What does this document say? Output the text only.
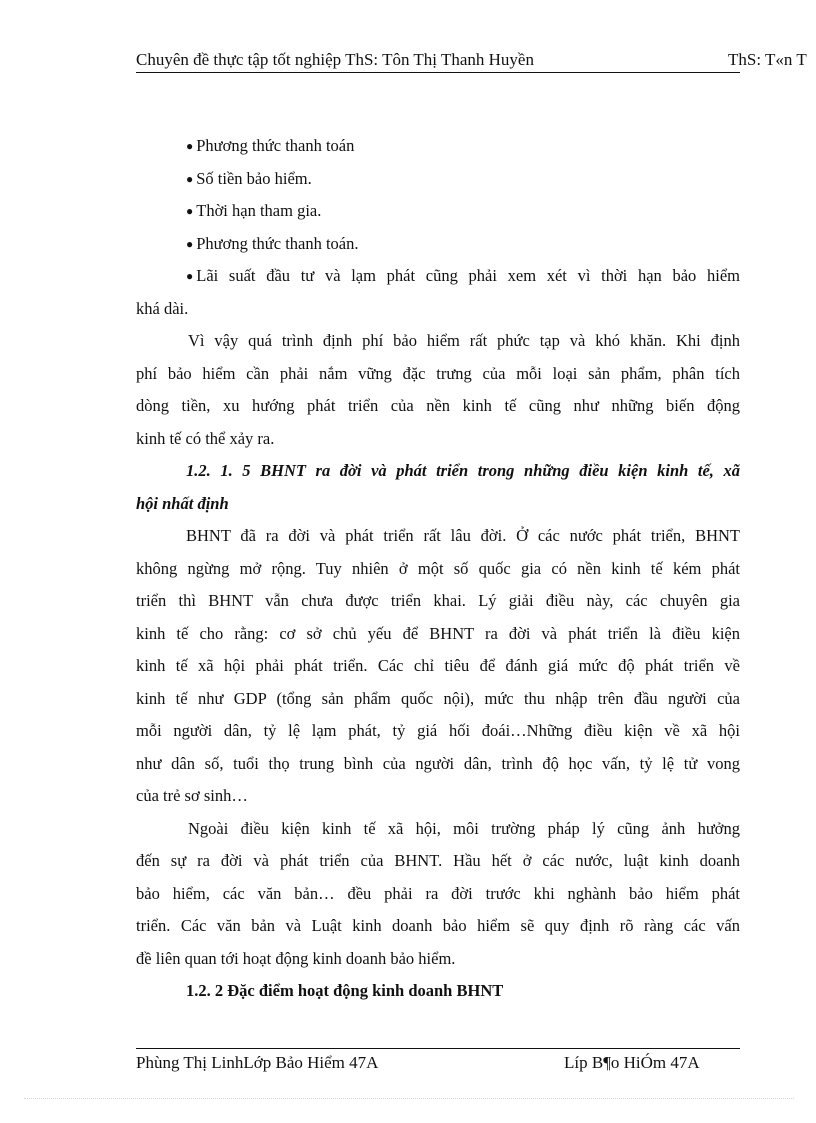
Chuyên đề thực tập tốt nghiệp ThS: Tôn Thị Thanh Huyền	ThS: T«n T
● Phương thức thanh toán
● Số tiền bảo hiểm.
● Thời hạn tham gia.
● Phương thức thanh toán.
● Lãi suất đầu tư và lạm phát cũng phải xem xét vì thời hạn bảo hiểm
khá dài.
Vì vậy quá trình định phí bảo hiểm rất phức tạp và khó khăn. Khi định
phí bảo hiểm cần phải nắm vững đặc trưng của mỗi loại sản phẩm, phân tích
dòng tiền, xu hướng phát triển của nền kinh tế cũng như những biến động
kinh tế có thể xảy ra.
1.2. 1. 5 BHNT ra đời và phát triển trong những điều kiện kinh tế, xã
hội nhất định
BHNT đã ra đời và phát triển rất lâu đời. Ở các nước phát triển, BHNT
không ngừng mở rộng. Tuy nhiên ở một số quốc gia có nền kinh tế kém phát
triển thì BHNT vẫn chưa được triển khai. Lý giải điều này, các chuyên gia
kinh tế cho rằng: cơ sở chủ yếu để BHNT ra đời và phát triển là điều kiện
kinh tế xã hội phải phát triển. Các chỉ tiêu để đánh giá mức độ phát triển về
kinh tế như GDP (tổng sản phẩm quốc nội), mức thu nhập trên đầu người của
mỗi người dân, tỷ lệ lạm phát, tỷ giá hối đoái…Những điều kiện về xã hội
như dân số, tuổi thọ trung bình của người dân, trình độ học vấn, tỷ lệ tử vong
của trẻ sơ sinh…
Ngoài điều kiện kinh tế xã hội, môi trường pháp lý cũng ảnh hưởng
đến sự ra đời và phát triển của BHNT. Hầu hết ở các nước, luật kinh doanh
bảo hiểm, các văn bản… đều phải ra đời trước khi nghành bảo hiểm phát
triển. Các văn bản và Luật kinh doanh bảo hiểm sẽ quy định rõ ràng các vấn
đề liên quan tới hoạt động kinh doanh bảo hiểm.
1.2. 2 Đặc điểm hoạt động kinh doanh BHNT
Phùng Thị LinhLớp Bảo Hiểm 47A	Líp B¶o HiÓm 47A
